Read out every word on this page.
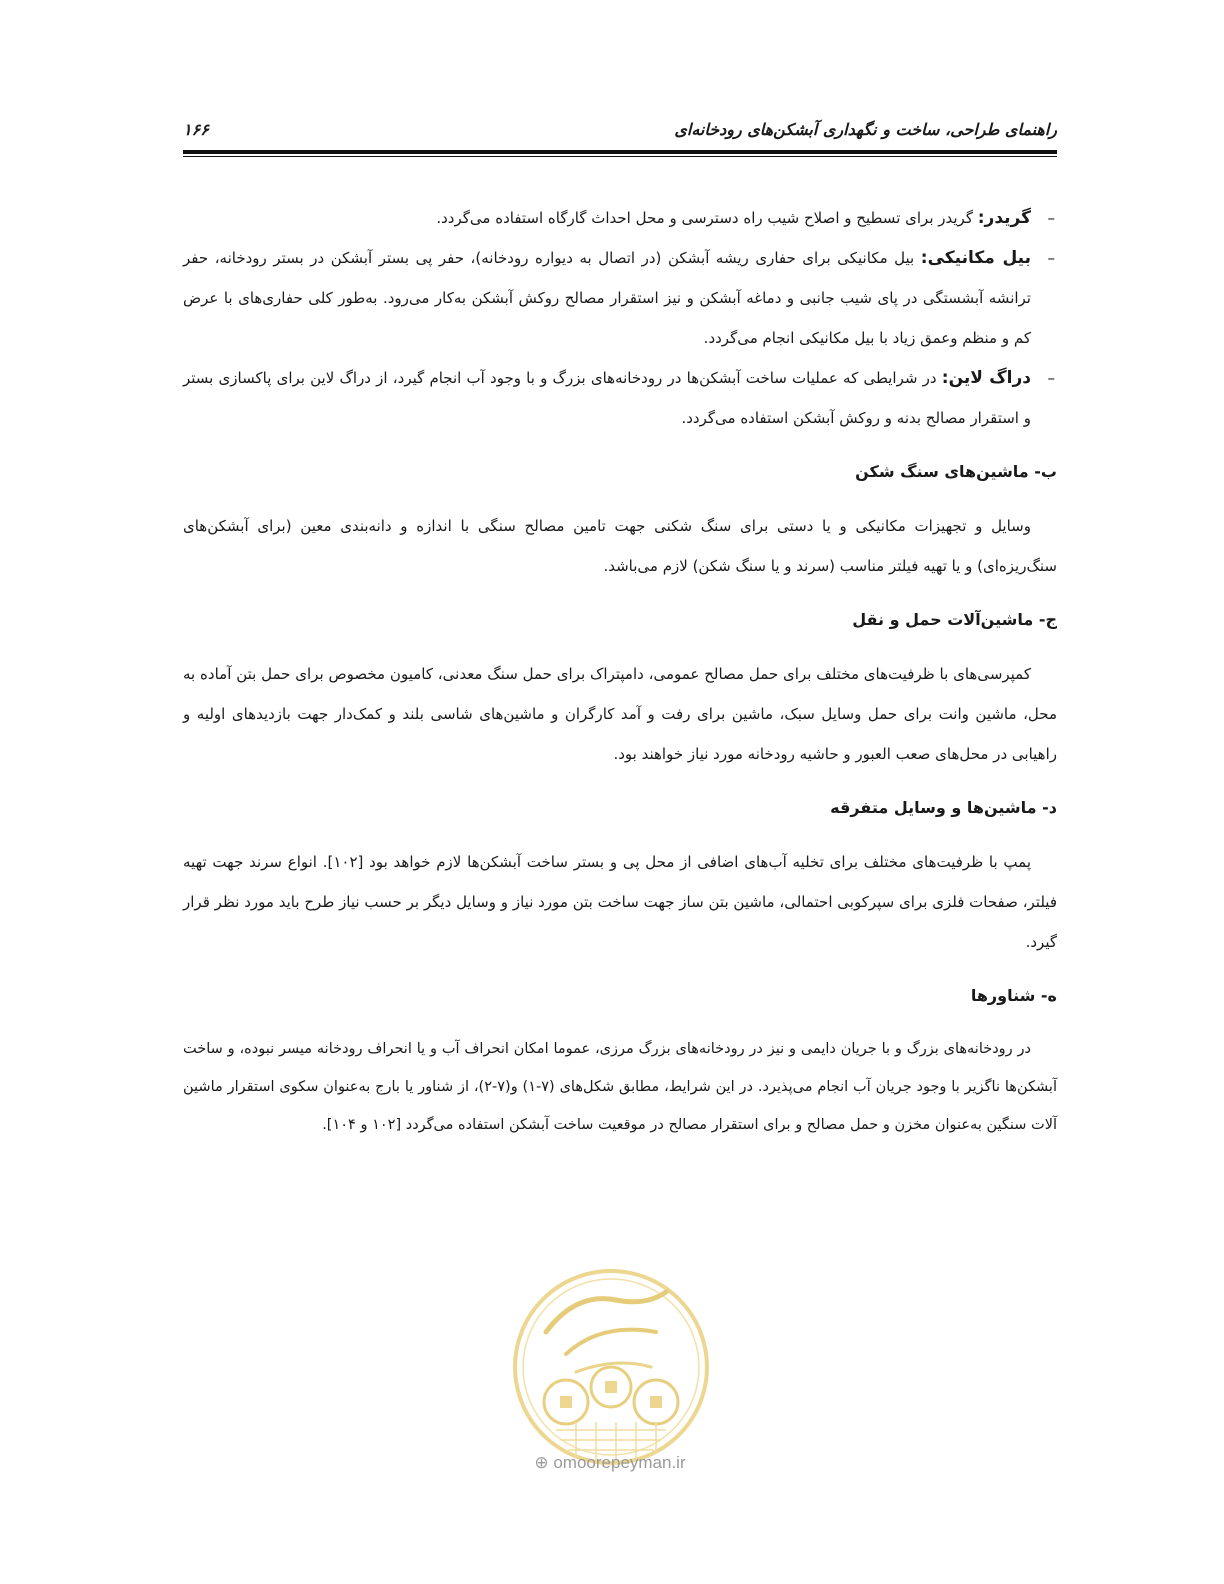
راهنمای طراحی، ساخت و نگهداری آبشکن‌های رودخانه‌ای
۱۶۶

–
گریدر: گریدر برای تسطیح و اصلاح شیب راه دسترسی و محل احداث گارگاه استفاده می‌گردد.

–
بیل مکانیکی: بیل مکانیکی برای حفاری ریشه آبشکن (در اتصال به دیواره رودخانه)، حفر پی بستر آبشکن در بستر رودخانه، حفر ترانشه آبشستگی در پای شیب جانبی و دماغه آبشکن و نیز استقرار مصالح روکش آبشکن به‌کار می‌رود. به‌طور کلی حفاری‌های با عرض کم و منظم وعمق زیاد با بیل مکانیکی انجام می‌گردد.

–
دراگ لاین: در شرایطی که عملیات ساخت آبشکن‌ها در رودخانه‌های بزرگ و با وجود آب انجام گیرد، از دراگ لاین برای پاکسازی بستر و استقرار مصالح بدنه و روکش آبشکن استفاده می‌گردد.

ب- ماشین‌های سنگ شکن

وسایل و تجهیزات مکانیکی و یا دستی برای سنگ شکنی جهت تامین مصالح سنگی با اندازه و دانه‌بندی معین (برای آبشکن‌های سنگ‌ریزه‌ای) و یا تهیه فیلتر مناسب (سرند و یا سنگ شکن) لازم می‌باشد.

ج- ماشین‌آلات حمل و نقل

کمپرسی‌های با ظرفیت‌های مختلف برای حمل مصالح عمومی، دامپتراک برای حمل سنگ معدنی، کامیون مخصوص برای حمل بتن آماده به محل، ماشین وانت برای حمل وسایل سبک، ماشین برای رفت و آمد کارگران و ماشین‌های شاسی بلند و کمک‌دار جهت بازدیدهای اولیه و راهیابی در محل‌های صعب العبور و حاشیه رودخانه مورد نیاز خواهند بود.

د- ماشین‌ها و وسایل متفرقه

پمپ با ظرفیت‌های مختلف برای تخلیه آب‌های اضافی از محل پی و بستر ساخت آبشکن‌ها لازم خواهد بود [۱۰۲]. انواع سرند جهت تهیه فیلتر، صفحات فلزی برای سپرکوبی احتمالی، ماشین بتن ساز جهت ساخت بتن مورد نیاز و وسایل دیگر بر حسب نیاز طرح باید مورد نظر قرار گیرد.

ه- شناورها

در رودخانه‌های بزرگ و با جریان دایمی و نیز در رودخانه‌های بزرگ مرزی، عموما امکان انحراف آب و یا انحراف رودخانه میسر نبوده، و ساخت آبشکن‌ها ناگزیر با وجود جریان آب انجام می‌پذیرد. در این شرایط، مطابق شکل‌های (۷-۱) و(۷-۲)، از شناور یا بارج به‌عنوان سکوی استقرار ماشین آلات سنگین به‌عنوان مخزن و حمل مصالح و برای استقرار مصالح در موقعیت ساخت آبشکن استفاده می‌گردد [۱۰۲ و ۱۰۴].

⊕ omoorepeyman.ir
